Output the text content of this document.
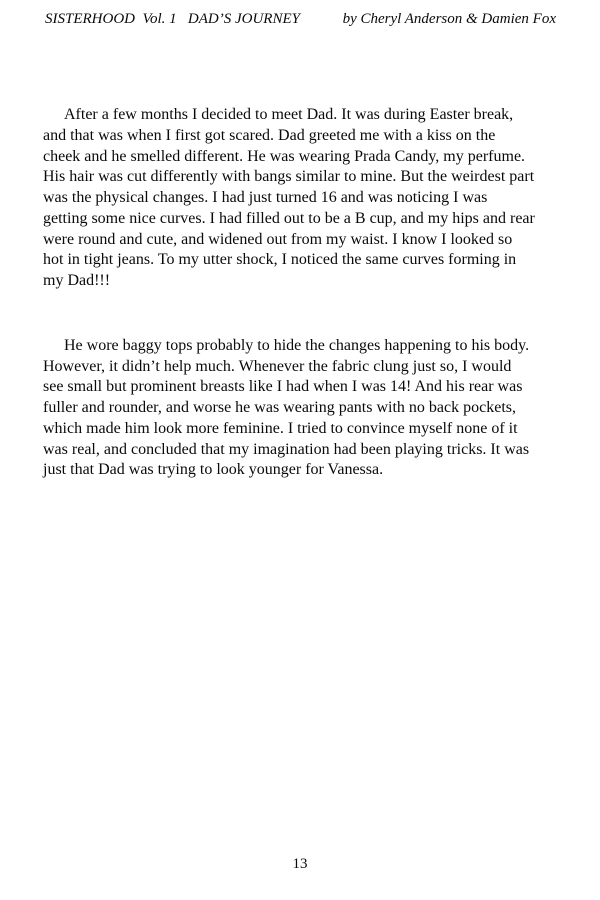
SISTERHOOD  Vol. 1   DAD’S JOURNEY	by Cheryl Anderson & Damien Fox
After a few months I decided to meet Dad. It was during Easter break,
and that was when I first got scared. Dad greeted me with a kiss on the
cheek and he smelled different. He was wearing Prada Candy, my perfume.
His hair was cut differently with bangs similar to mine. But the weirdest part
was the physical changes. I had just turned 16 and was noticing I was
getting some nice curves. I had filled out to be a B cup, and my hips and rear
were round and cute, and widened out from my waist. I know I looked so
hot in tight jeans. To my utter shock, I noticed the same curves forming in
my Dad!!!
He wore baggy tops probably to hide the changes happening to his body.
However, it didn’t help much. Whenever the fabric clung just so, I would
see small but prominent breasts like I had when I was 14! And his rear was
fuller and rounder, and worse he was wearing pants with no back pockets,
which made him look more feminine. I tried to convince myself none of it
was real, and concluded that my imagination had been playing tricks. It was
just that Dad was trying to look younger for Vanessa.
13
